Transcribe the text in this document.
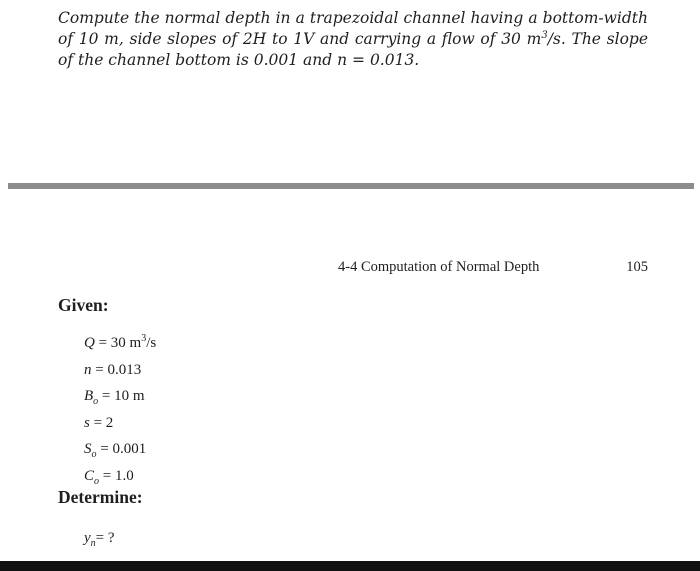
Compute the normal depth in a trapezoidal channel having a bottom-width of 10 m, side slopes of 2H to 1V and carrying a flow of 30 $m^3/s$. The slope of the channel bottom is 0.001 and n = 0.013.

4-4 Computation of Normal Depth	105

Given:

Q = 30 $m^3/s$
n = 0.013
$B_o = 10$ m
s = 2
$S_o = 0.001$
$C_o = 1.0$

Determine:

$y_n=$ ?
